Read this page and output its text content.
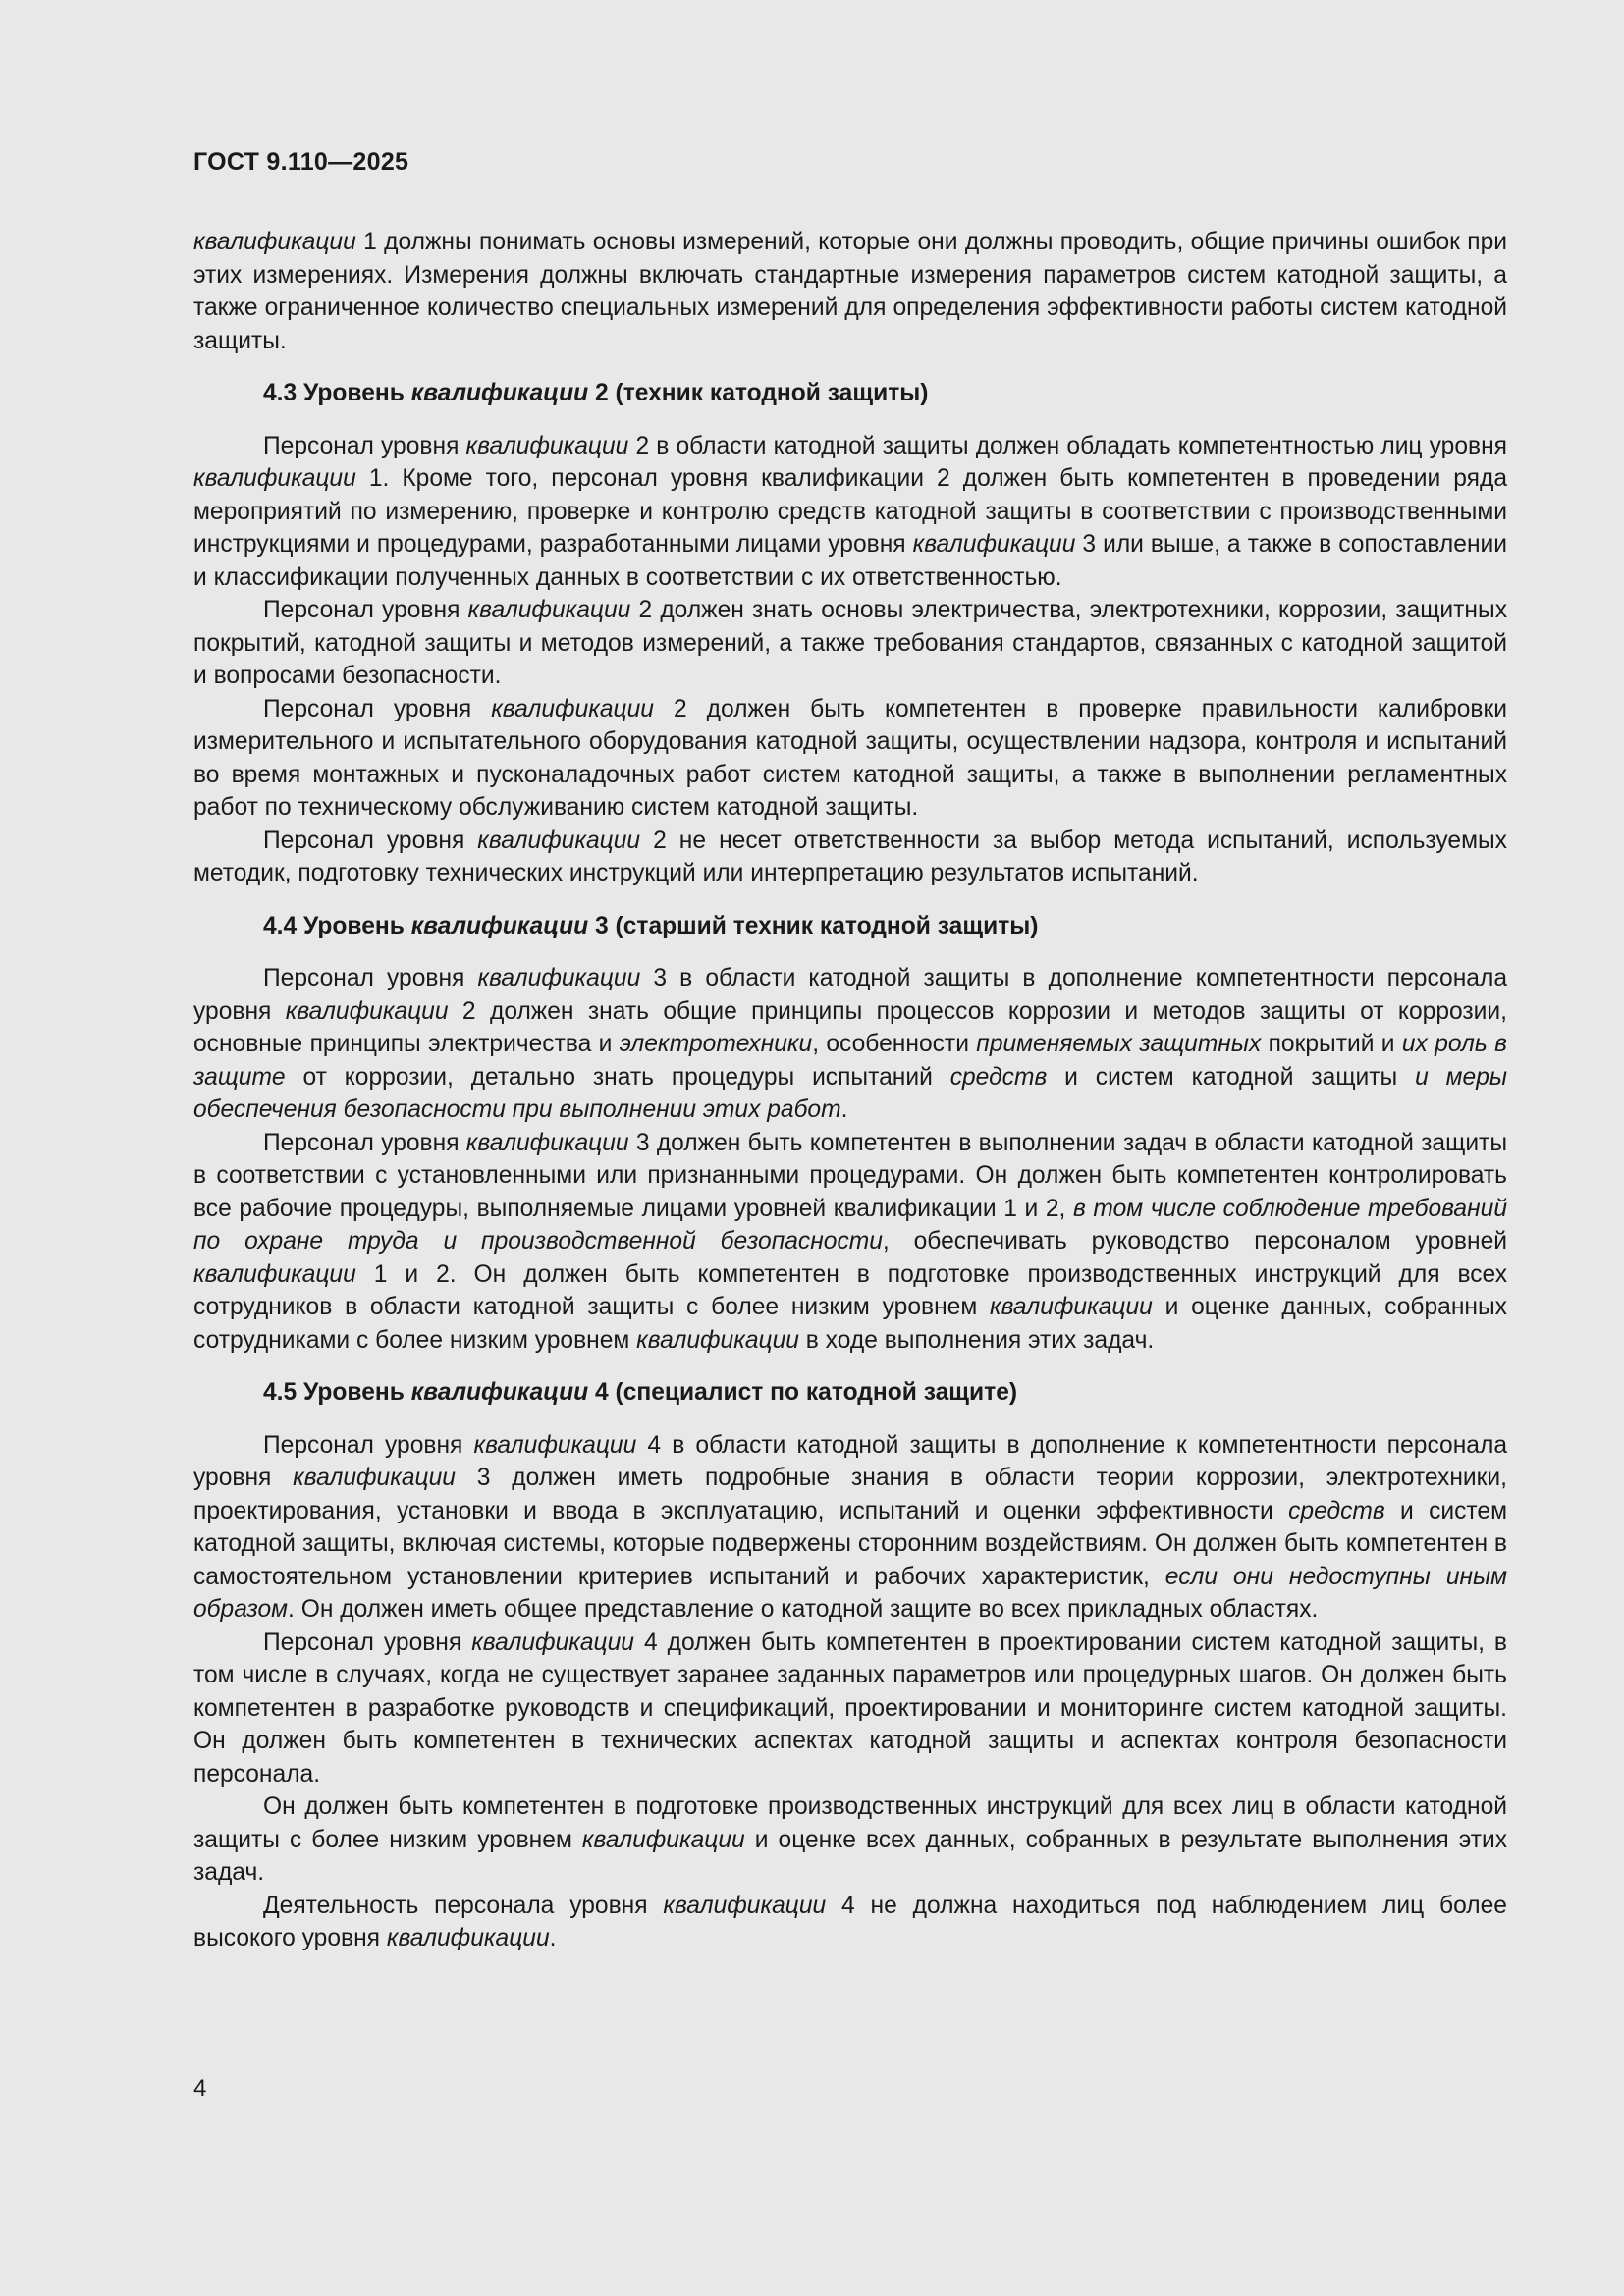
ГОСТ 9.110—2025

квалификации 1 должны понимать основы измерений, которые они должны проводить, общие причины ошибок при этих измерениях. Измерения должны включать стандартные измерения параметров систем катодной защиты, а также ограниченное количество специальных измерений для определения эффективности работы систем катодной защиты.

4.3 Уровень квалификации 2 (техник катодной защиты)

Персонал уровня квалификации 2 в области катодной защиты должен обладать компетентностью лиц уровня квалификации 1. Кроме того, персонал уровня квалификации 2 должен быть компетентен в проведении ряда мероприятий по измерению, проверке и контролю средств катодной защиты в соответствии с производственными инструкциями и процедурами, разработанными лицами уровня квалификации 3 или выше, а также в сопоставлении и классификации полученных данных в соответствии с их ответственностью.

Персонал уровня квалификации 2 должен знать основы электричества, электротехники, коррозии, защитных покрытий, катодной защиты и методов измерений, а также требования стандартов, связанных с катодной защитой и вопросами безопасности.

Персонал уровня квалификации 2 должен быть компетентен в проверке правильности калибровки измерительного и испытательного оборудования катодной защиты, осуществлении надзора, контроля и испытаний во время монтажных и пусконаладочных работ систем катодной защиты, а также в выполнении регламентных работ по техническому обслуживанию систем катодной защиты.

Персонал уровня квалификации 2 не несет ответственности за выбор метода испытаний, используемых методик, подготовку технических инструкций или интерпретацию результатов испытаний.

4.4 Уровень квалификации 3 (старший техник катодной защиты)

Персонал уровня квалификации 3 в области катодной защиты в дополнение компетентности персонала уровня квалификации 2 должен знать общие принципы процессов коррозии и методов защиты от коррозии, основные принципы электричества и электротехники, особенности применяемых защитных покрытий и их роль в защите от коррозии, детально знать процедуры испытаний средств и систем катодной защиты и меры обеспечения безопасности при выполнении этих работ.

Персонал уровня квалификации 3 должен быть компетентен в выполнении задач в области катодной защиты в соответствии с установленными или признанными процедурами. Он должен быть компетентен контролировать все рабочие процедуры, выполняемые лицами уровней квалификации 1 и 2, в том числе соблюдение требований по охране труда и производственной безопасности, обеспечивать руководство персоналом уровней квалификации 1 и 2. Он должен быть компетентен в подготовке производственных инструкций для всех сотрудников в области катодной защиты с более низким уровнем квалификации и оценке данных, собранных сотрудниками с более низким уровнем квалификации в ходе выполнения этих задач.

4.5 Уровень квалификации 4 (специалист по катодной защите)

Персонал уровня квалификации 4 в области катодной защиты в дополнение к компетентности персонала уровня квалификации 3 должен иметь подробные знания в области теории коррозии, электротехники, проектирования, установки и ввода в эксплуатацию, испытаний и оценки эффективности средств и систем катодной защиты, включая системы, которые подвержены сторонним воздействиям. Он должен быть компетентен в самостоятельном установлении критериев испытаний и рабочих характеристик, если они недоступны иным образом. Он должен иметь общее представление о катодной защите во всех прикладных областях.

Персонал уровня квалификации 4 должен быть компетентен в проектировании систем катодной защиты, в том числе в случаях, когда не существует заранее заданных параметров или процедурных шагов. Он должен быть компетентен в разработке руководств и спецификаций, проектировании и мониторинге систем катодной защиты. Он должен быть компетентен в технических аспектах катодной защиты и аспектах контроля безопасности персонала.

Он должен быть компетентен в подготовке производственных инструкций для всех лиц в области катодной защиты с более низким уровнем квалификации и оценке всех данных, собранных в результате выполнения этих задач.

Деятельность персонала уровня квалификации 4 не должна находиться под наблюдением лиц более высокого уровня квалификации.

4
